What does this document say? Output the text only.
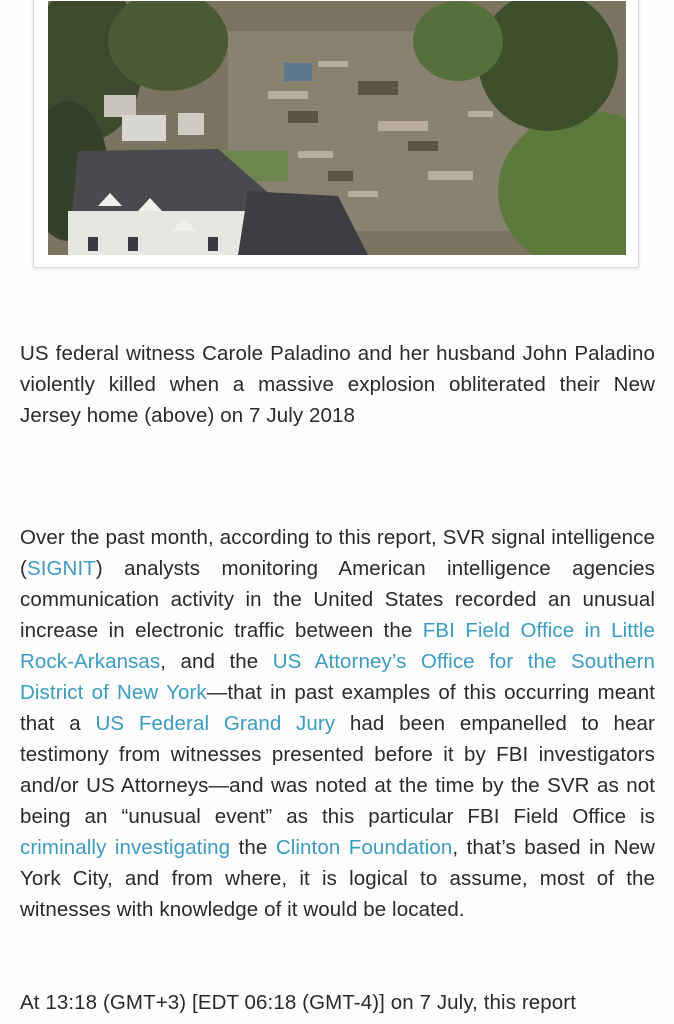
US federal witness Carole Paladino and her husband John Paladino violently killed when a massive explosion obliterated their New Jersey home (above) on 7 July 2018
Over the past month, according to this report, SVR signal intelligence (SIGNIT) analysts monitoring American intelligence agencies communication activity in the United States recorded an unusual increase in electronic traffic between the FBI Field Office in Little Rock-Arkansas, and the US Attorney’s Office for the Southern District of New York—that in past examples of this occurring meant that a US Federal Grand Jury had been empanelled to hear testimony from witnesses presented before it by FBI investigators and/or US Attorneys—and was noted at the time by the SVR as not being an “unusual event” as this particular FBI Field Office is criminally investigating the Clinton Foundation, that’s based in New York City, and from where, it is logical to assume, most of the witnesses with knowledge of it would be located.
At 13:18 (GMT+3) [EDT 06:18 (GMT-4)] on 7 July, this report
